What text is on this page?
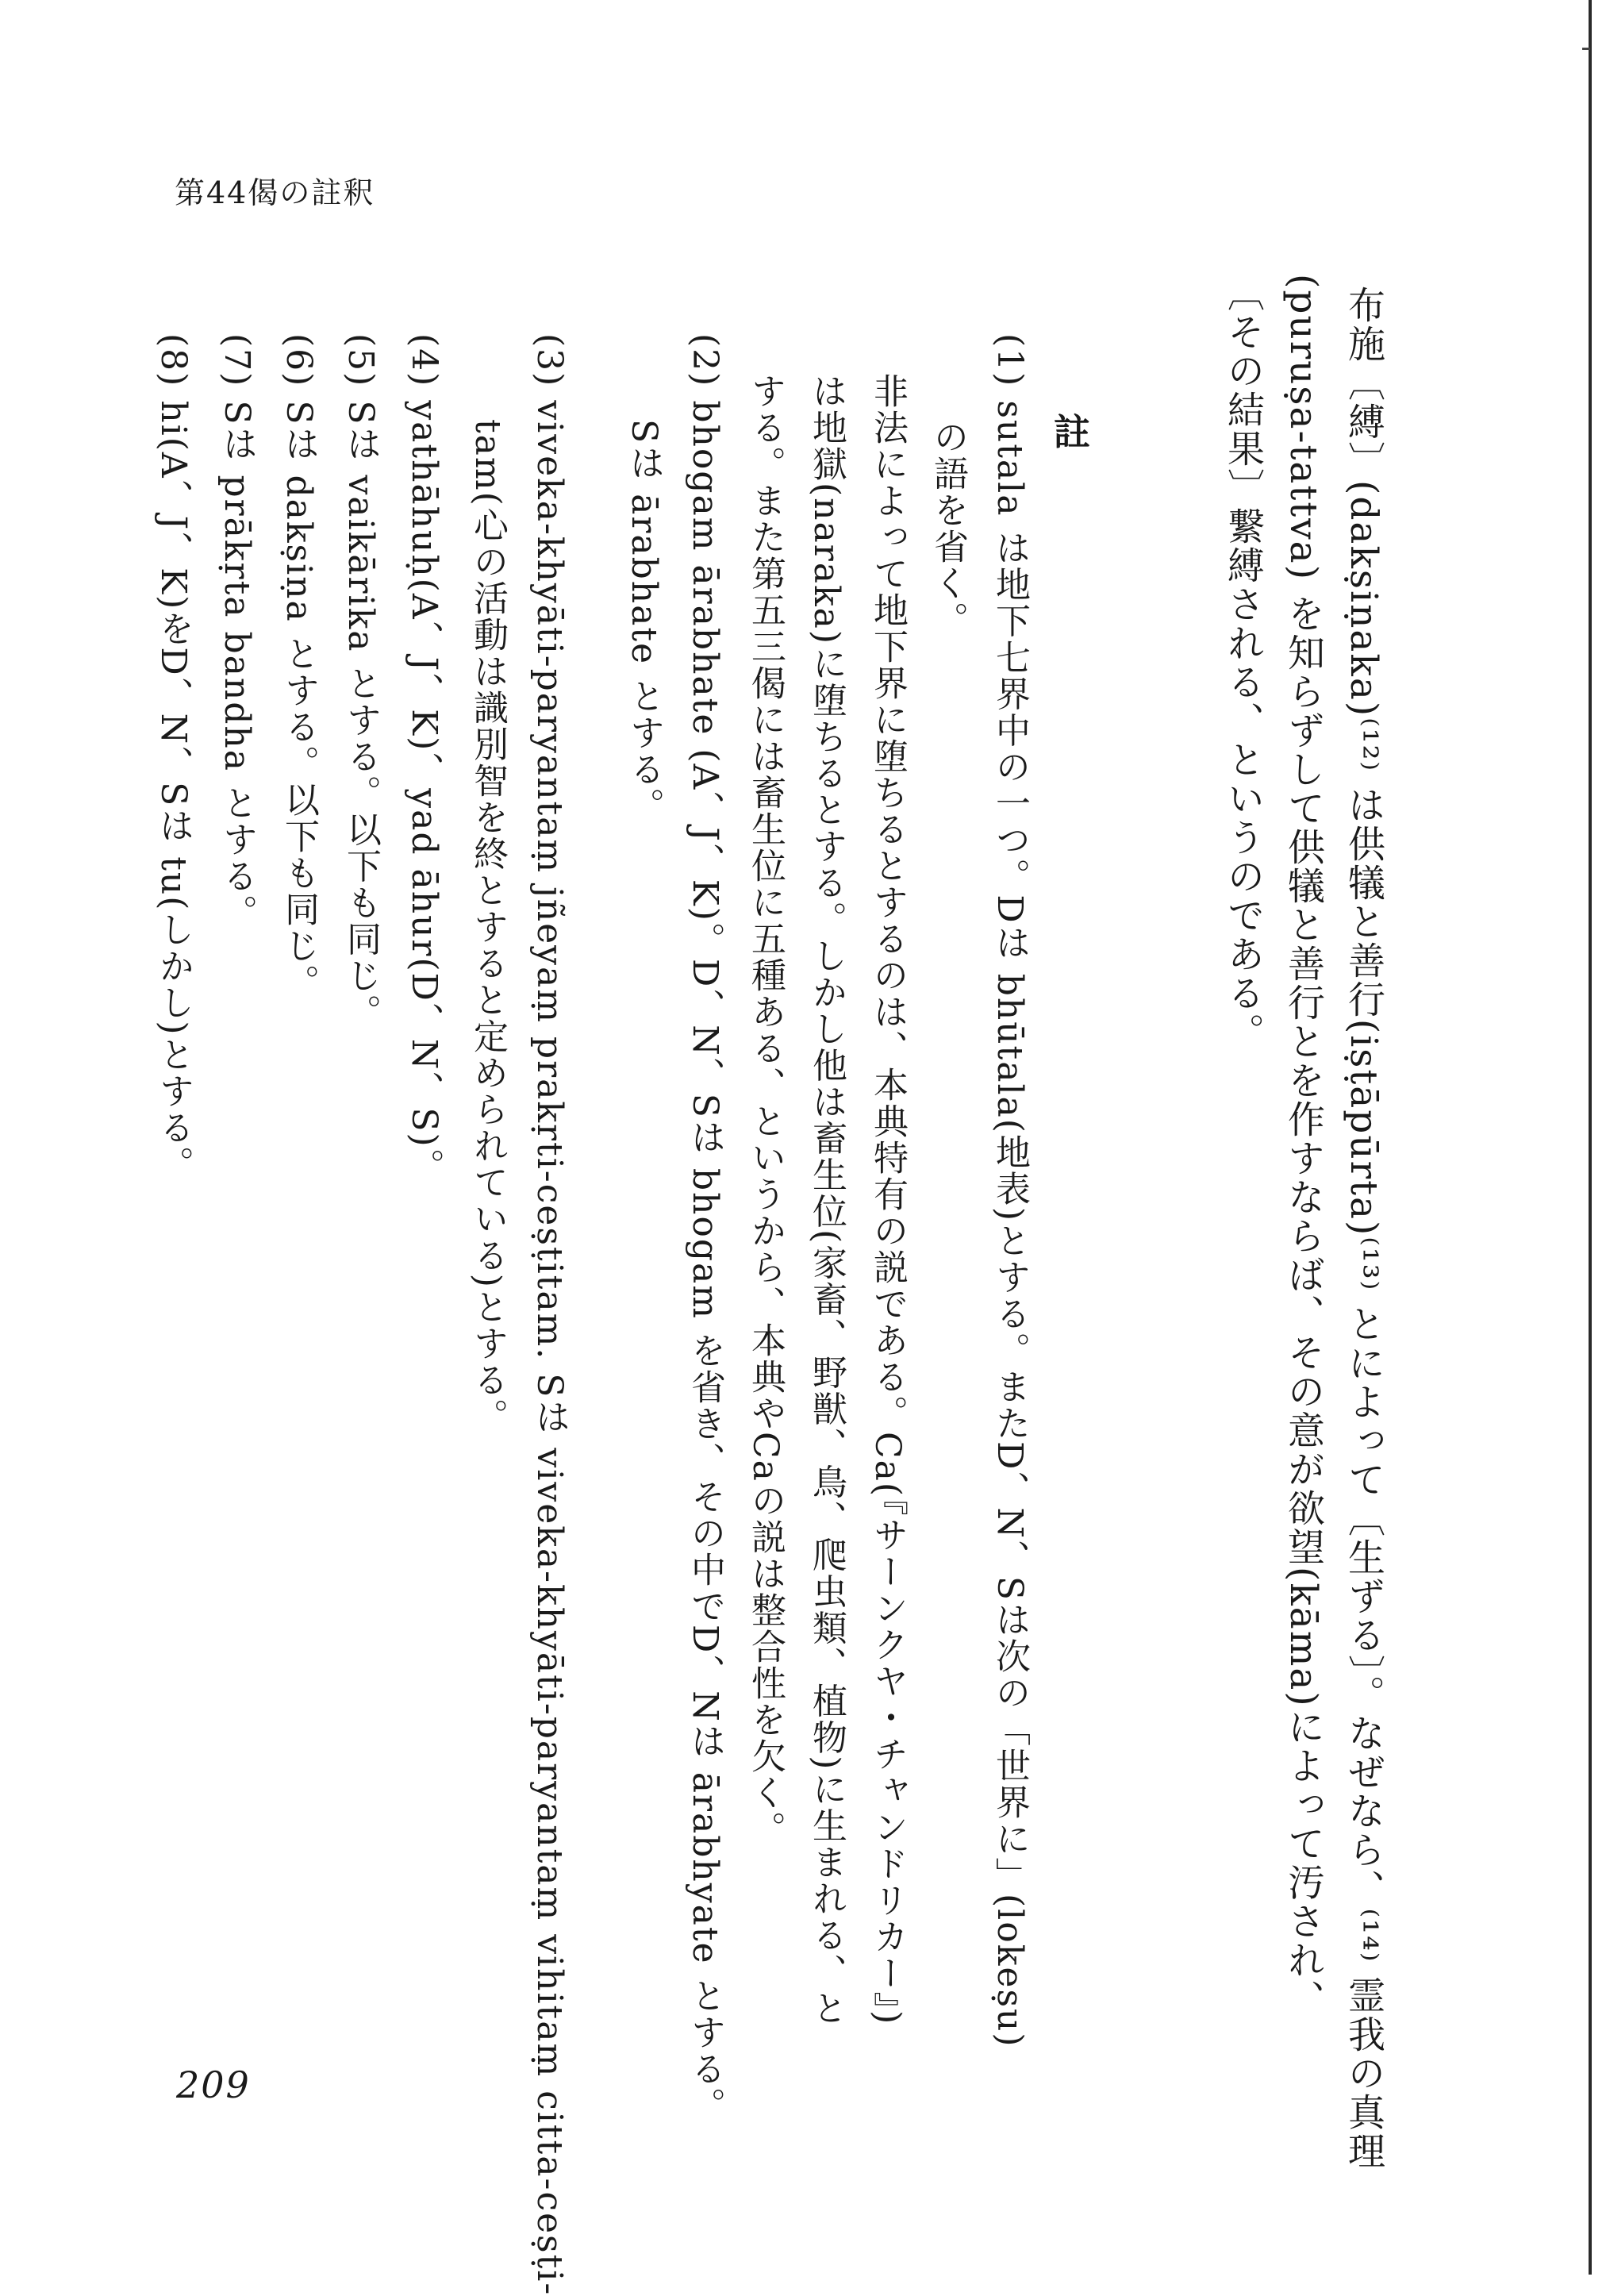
第44偈の註釈
布施〔縛〕(dakṣiṇaka)⁽¹²⁾ は供犠と善行(iṣṭāpūrta)⁽¹³⁾ とによって〔生ずる〕。なぜなら、⁽¹⁴⁾ 霊我の真理
(puruṣa-tattva) を知らずして供犠と善行とを作すならば、その意が欲望(kāma)によって汚され、
〔その結果〕繋縛される、というのである。
註
(1) sutala は地下七界中の一つ。Dは bhūtala(地表)とする。またD、N、Sは次の「世界に」(lokeṣu)
の語を省く。
非法によって地下界に堕ちるとするのは、本典特有の説である。Ca(『サーンクヤ・チャンドリカー』)
は地獄(naraka)に堕ちるとする。しかし他は畜生位(家畜、野獣、鳥、爬虫類、植物)に生まれる、と
する。また第五三偈には畜生位に五種ある、というから、本典やCaの説は整合性を欠く。
(2) bhogam ārabhate (A、J、K)。D、N、Sは bhogam を省き、その中でD、Nは ārabhyate とする。
Sは ārabhate とする。
(3) viveka-khyāti-paryantaṃ jñeyaṃ prakṛti-ceṣṭitam. Sは viveka-khyāti-paryantaṃ vihitaṃ citta-ceṣṭi-
tam(心の活動は識別智を終とすると定められている)とする。
(4) yathāhuḥ(A、J、K)、yad āhur(D、N、S)。
(5) Sは vaikārika とする。以下も同じ。
(6) Sは dakṣiṇa とする。以下も同じ。
(7) Sは prākṛta bandha とする。
(8) hi(A、J、K)をD、N、Sは tu(しかし)とする。
209
